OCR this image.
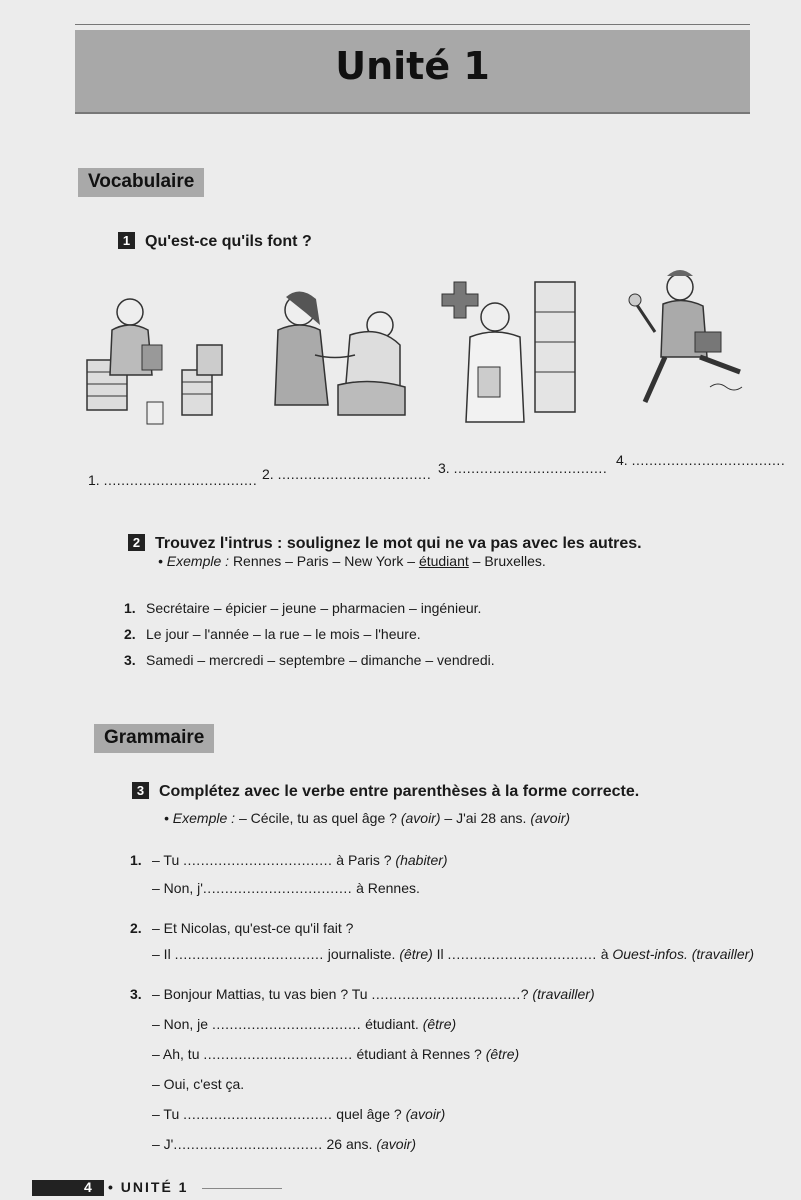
Unité 1
Vocabulaire
1 Qu'est-ce qu'ils font ?
1. ................................... 2. ................................... 3. ................................... 4. ...................................
2 Trouvez l'intrus : soulignez le mot qui ne va pas avec les autres.
• Exemple : Rennes – Paris – New York – étudiant – Bruxelles.
1. Secrétaire – épicier – jeune – pharmacien – ingénieur.
2. Le jour – l'année – la rue – le mois – l'heure.
3. Samedi – mercredi – septembre – dimanche – vendredi.
Grammaire
3 Complétez avec le verbe entre parenthèses à la forme correcte.
• Exemple : – Cécile, tu as quel âge ? (avoir) – J'ai 28 ans. (avoir)
1. – Tu .................................. à Paris ? (habiter)
– Non, j'.................................. à Rennes.
2. – Et Nicolas, qu'est-ce qu'il fait ?
– Il .................................. journaliste. (être) Il .................................. à Ouest-infos. (travailler)
3. – Bonjour Mattias, tu vas bien ? Tu ..................................? (travailler)
– Non, je .................................. étudiant. (être)
– Ah, tu .................................. étudiant à Rennes ? (être)
– Oui, c'est ça.
– Tu .................................. quel âge ? (avoir)
– J'.................................. 26 ans. (avoir)
4 • UNITÉ 1
